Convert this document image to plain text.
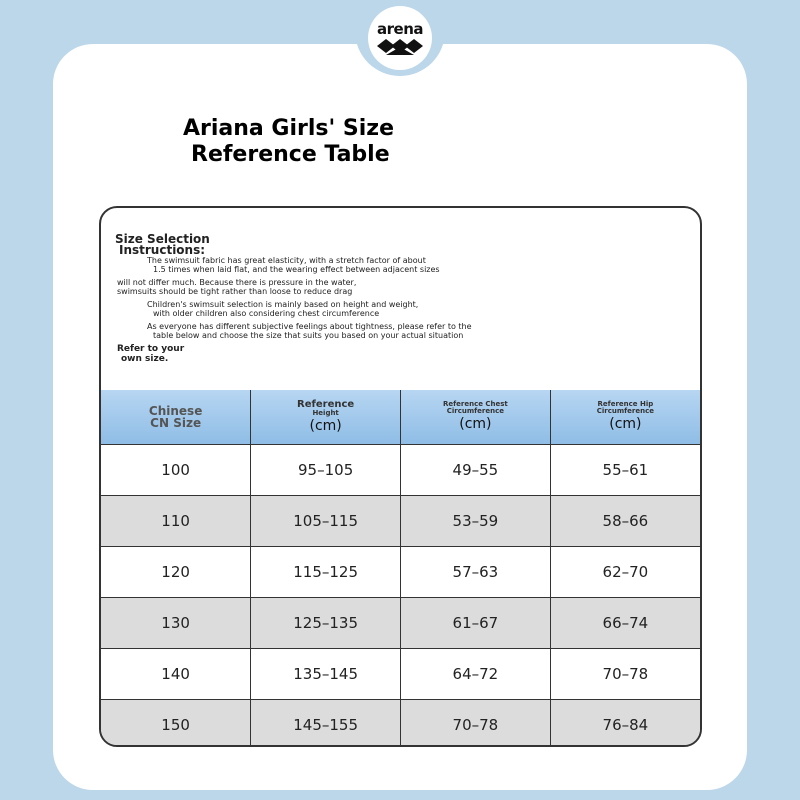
arena
Ariana Girls' Size
Reference Table

Size Selection
Instructions:

The swimsuit fabric has great elasticity, with a stretch factor of about

1.5 times when laid flat, and the wearing effect between adjacent sizes

will not differ much. Because there is pressure in the water,

swimsuits should be tight rather than loose to reduce drag

Children's swimsuit selection is mainly based on height and weight,

with older children also considering chest circumference

As everyone has different subjective feelings about tightness, please refer to the

table below and choose the size that suits you based on your actual situation

Refer to your
own size.

Chinese
CN Size	Reference
Height
(cm)	Reference Chest
Circumference
(cm)	Reference Hip
Circumference
(cm)

100	95–105	49–55	55–61
110	105–115	53–59	58–66
120	115–125	57–63	62–70
130	125–135	61–67	66–74
140	135–145	64–72	70–78
150	145–155	70–78	76–84
